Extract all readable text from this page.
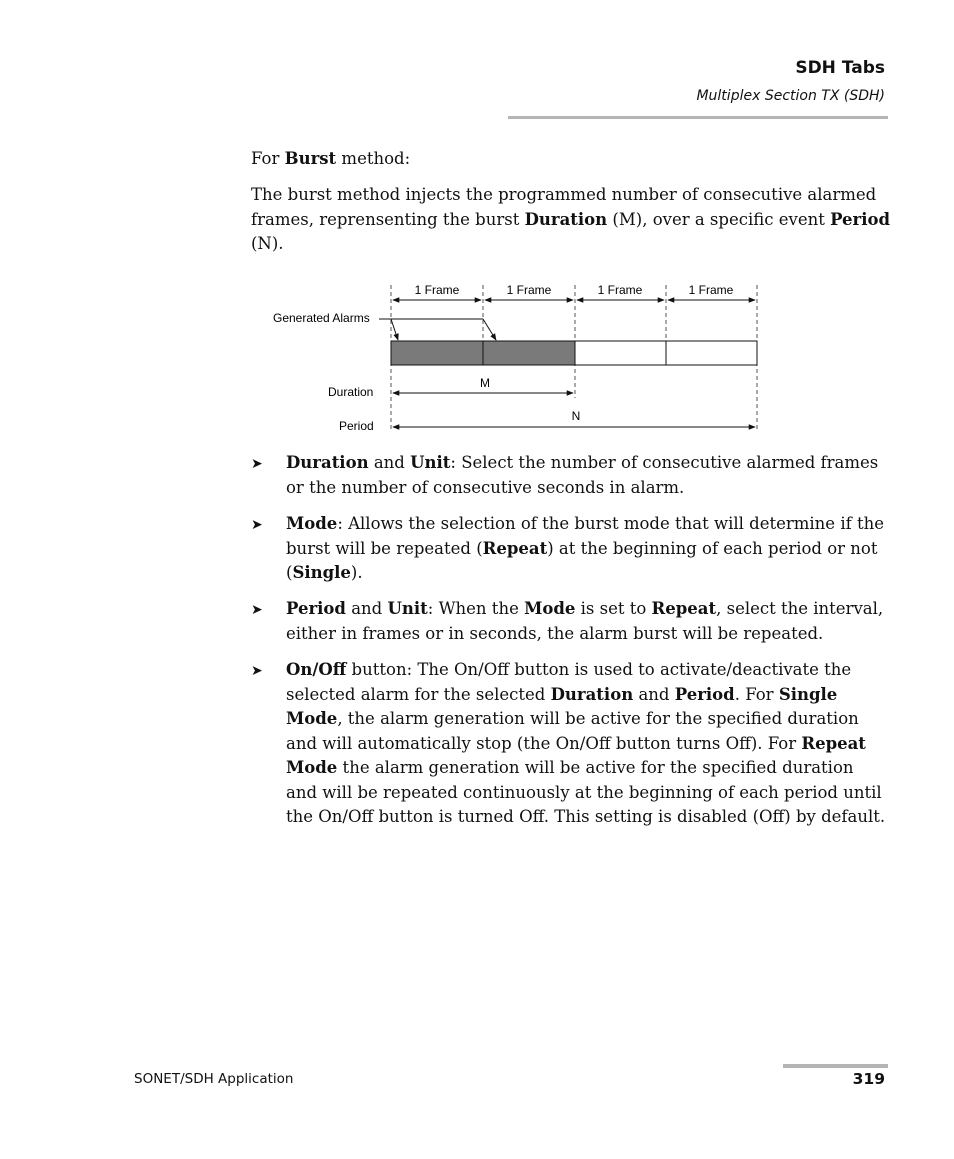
SDH Tabs
Multiplex Section TX (SDH)
For Burst method:
The burst method injects the programmed number of consecutive alarmed frames, reprensenting the burst Duration (M), over a specific event Period (N).
1 Frame	1 Frame	1 Frame	1 Frame
Generated Alarms
Duration
M
Period
N
➤ Duration and Unit: Select the number of consecutive alarmed frames or the number of consecutive seconds in alarm.
➤ Mode: Allows the selection of the burst mode that will determine if the burst will be repeated (Repeat) at the beginning of each period or not (Single).
➤ Period and Unit: When the Mode is set to Repeat, select the interval, either in frames or in seconds, the alarm burst will be repeated.
➤ On/Off button: The On/Off button is used to activate/deactivate the selected alarm for the selected Duration and Period. For Single Mode, the alarm generation will be active for the specified duration and will automatically stop (the On/Off button turns Off). For Repeat Mode the alarm generation will be active for the specified duration and will be repeated continuously at the beginning of each period until the On/Off button is turned Off. This setting is disabled (Off) by default.
SONET/SDH Application	319
